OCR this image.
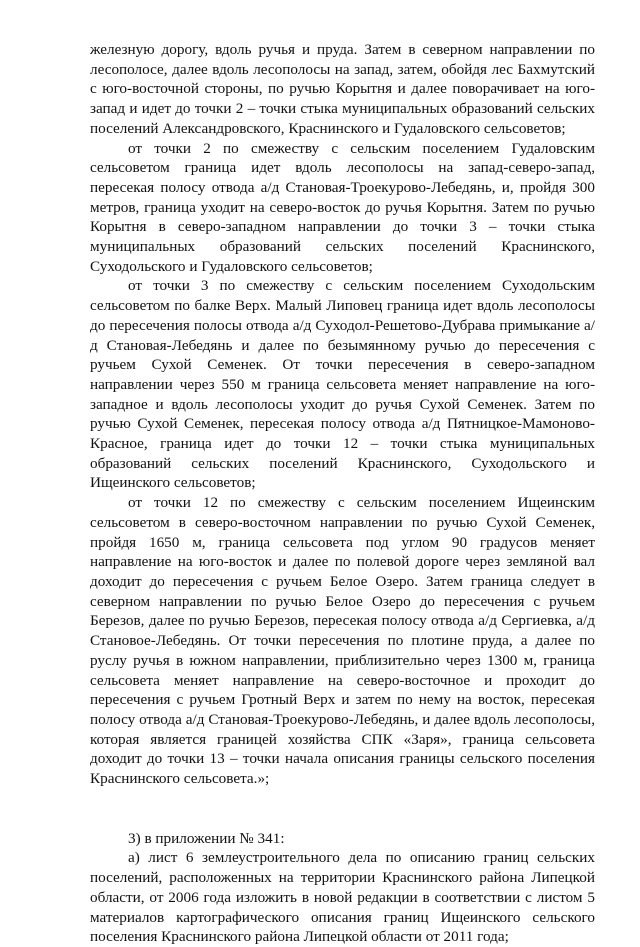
железную дорогу, вдоль ручья и пруда. Затем в северном направлении по лесополосе, далее вдоль лесополосы на запад, затем, обойдя лес Бахмутский с юго-восточной стороны, по ручью Корытня и далее поворачивает на юго-запад и идет до точки 2 – точки стыка муниципальных образований сельских поселений Александровского, Краснинского и Гудаловского сельсоветов;

от точки 2 по смежеству с сельским поселением Гудаловским сельсоветом граница идет вдоль лесополосы на запад-северо-запад, пересекая полосу отвода а/д Становая-Троекурово-Лебедянь, и, пройдя 300 метров, граница уходит на северо-восток до ручья Корытня. Затем по ручью Корытня в северо-западном направлении до точки 3 – точки стыка муниципальных образований сельских поселений Краснинского, Суходольского и Гудаловского сельсоветов;

от точки 3 по смежеству с сельским поселением Суходольским сельсоветом по балке Верх. Малый Липовец граница идет вдоль лесополосы до пересечения полосы отвода а/д Суходол-Решетово-Дубрава примыкание а/д Становая-Лебедянь и далее по безымянному ручью до пересечения с ручьем Сухой Семенек. От точки пересечения в северо-западном направлении через 550 м граница сельсовета меняет направление на юго-западное и вдоль лесополосы уходит до ручья Сухой Семенек. Затем по ручью Сухой Семенек, пересекая полосу отвода а/д Пятницкое-Мамоново-Красное, граница идет до точки 12 – точки стыка муниципальных образований сельских поселений Краснинского, Суходольского и Ищеинского сельсоветов;

от точки 12 по смежеству с сельским поселением Ищеинским сельсоветом в северо-восточном направлении по ручью Сухой Семенек, пройдя 1650 м, граница сельсовета под углом 90 градусов меняет направление на юго-восток и далее по полевой дороге через земляной вал доходит до пересечения с ручьем Белое Озеро. Затем граница следует в северном направлении по ручью Белое Озеро до пересечения с ручьем Березов, далее по ручью Березов, пересекая полосу отвода а/д Сергиевка, а/д Становое-Лебедянь. От точки пересечения по плотине пруда, а далее по руслу ручья в южном направлении, приблизительно через 1300 м, граница сельсовета меняет направление на северо-восточное и проходит до пересечения с ручьем Гротный Верх и затем по нему на восток, пересекая полосу отвода а/д Становая-Троекурово-Лебедянь, и далее вдоль лесополосы, которая является границей хозяйства СПК «Заря», граница сельсовета доходит до точки 13 – точки начала описания границы сельского поселения Краснинского сельсовета.»;

3) в приложении № 341:

а) лист 6 землеустроительного дела по описанию границ сельских поселений, расположенных на территории Краснинского района Липецкой области, от 2006 года изложить в новой редакции в соответствии с листом 5 материалов картографического описания границ Ищеинского сельского поселения Краснинского района Липецкой области от 2011 года;
